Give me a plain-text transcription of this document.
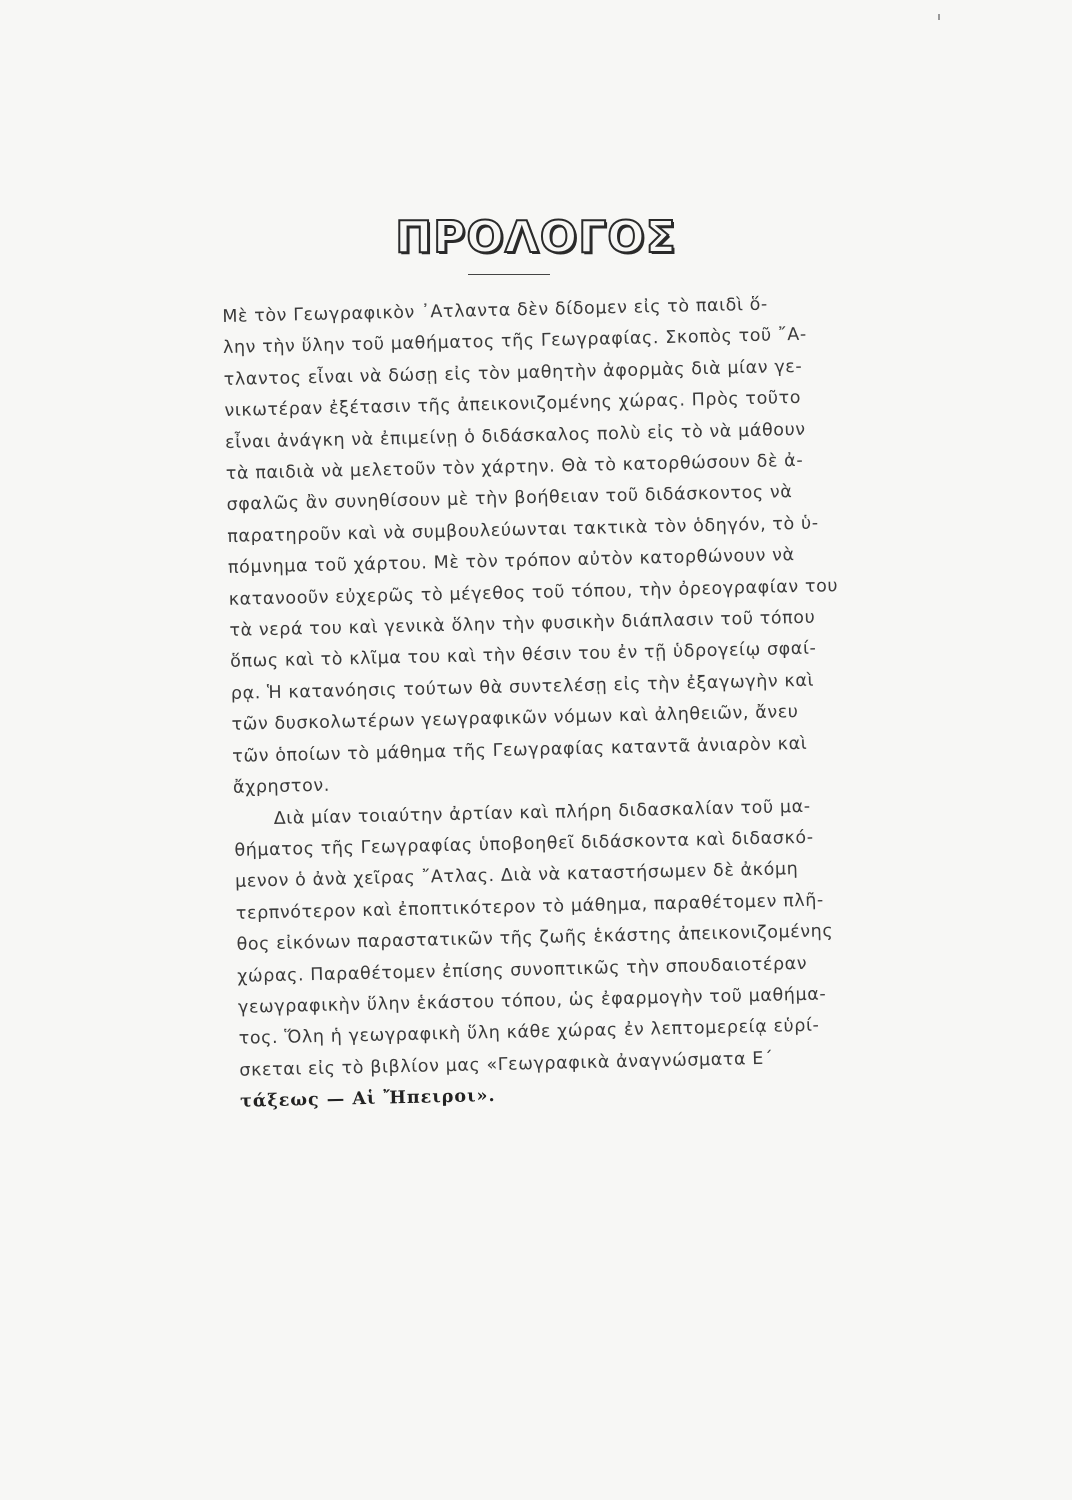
ΠΡΟΛΟΓΟΣ
Μὲ τὸν Γεωγραφικὸν ᾿Ατλαντα δὲν δίδομεν εἰς τὸ παιδὶ ὅ-
λην τὴν ὕλην τοῦ μαθήματος τῆς Γεωγραφίας. Σκοπὸς τοῦ ῎Α-
τλαντος εἶναι νὰ δώσῃ εἰς τὸν μαθητὴν ἀφορμὰς διὰ μίαν γε-
νικωτέραν ἐξέτασιν τῆς ἀπεικονιζομένης χώρας. Πρὸς τοῦτο
εἶναι ἀνάγκη νὰ ἐπιμείνῃ ὁ διδάσκαλος πολὺ εἰς τὸ νὰ μάθουν
τὰ παιδιὰ νὰ μελετοῦν τὸν χάρτην. Θὰ τὸ κατορθώσουν δὲ ἀ-
σφαλῶς ἂν συνηθίσουν μὲ τὴν βοήθειαν τοῦ διδάσκοντος νὰ
παρατηροῦν καὶ νὰ συμβουλεύωνται τακτικὰ τὸν ὁδηγόν, τὸ ὑ-
πόμνημα τοῦ χάρτου. Μὲ τὸν τρόπον αὐτὸν κατορθώνουν νὰ
κατανοοῦν εὐχερῶς τὸ μέγεθος τοῦ τόπου, τὴν ὀρεογραφίαν του
τὰ νερά του καὶ γενικὰ ὅλην τὴν φυσικὴν διάπλασιν τοῦ τόπου
ὅπως καὶ τὸ κλῖμα του καὶ τὴν θέσιν του ἐν τῇ ὑδρογείῳ σφαί-
ρᾳ. Ἡ κατανόησις τούτων θὰ συντελέσῃ εἰς τὴν ἐξαγωγὴν καὶ
τῶν δυσκολωτέρων γεωγραφικῶν νόμων καὶ ἀληθειῶν, ἄνευ
τῶν ὁποίων τὸ μάθημα τῆς Γεωγραφίας καταντᾶ ἀνιαρὸν καὶ
ἄχρηστον.
Διὰ μίαν τοιαύτην ἀρτίαν καὶ πλήρη διδασκαλίαν τοῦ μα-
θήματος τῆς Γεωγραφίας ὑποβοηθεῖ διδάσκοντα καὶ διδασκό-
μενον ὁ ἀνὰ χεῖρας ῎Ατλας. Διὰ νὰ καταστήσωμεν δὲ ἀκόμη
τερπνότερον καὶ ἐποπτικότερον τὸ μάθημα, παραθέτομεν πλῆ-
θος εἰκόνων παραστατικῶν τῆς ζωῆς ἑκάστης ἀπεικονιζομένης
χώρας. Παραθέτομεν ἐπίσης συνοπτικῶς τὴν σπουδαιοτέραν
γεωγραφικὴν ὕλην ἑκάστου τόπου, ὡς ἐφαρμογὴν τοῦ μαθήμα-
τος. Ὅλη ἡ γεωγραφικὴ ὕλη κάθε χώρας ἐν λεπτομερείᾳ εὑρί-
σκεται εἰς τὸ βιβλίον μας «Γεωγραφικὰ ἀναγνώσματα Ε´
τάξεως — Αἱ Ἤπειροι».
